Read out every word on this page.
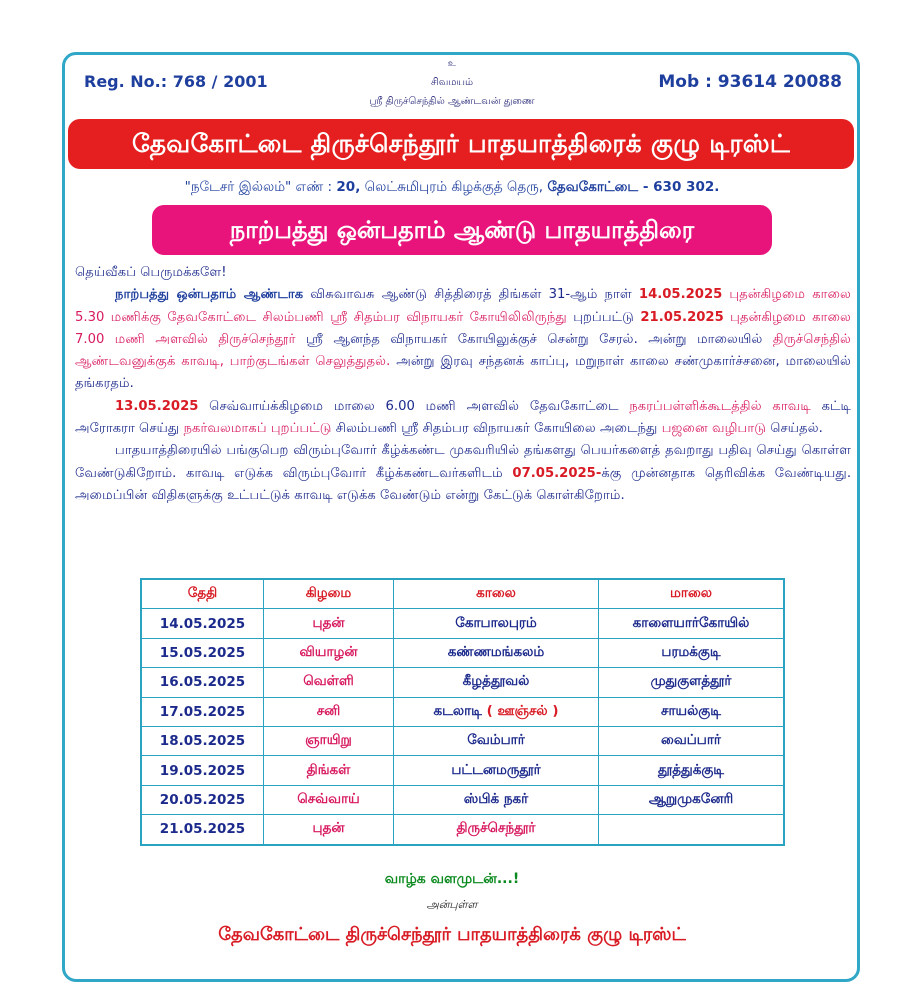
Reg. No.: 768 / 2001
உ
சிவமயம்
ஸ்ரீ திருச்செந்தில் ஆண்டவன் துணை
Mob : 93614 20088
தேவகோட்டை திருச்செந்தூர் பாதயாத்திரைக் குழு டிரஸ்ட்
"நடேசர் இல்லம்" எண் : 20, லெட்சுமிபுரம் கிழக்குத் தெரு, தேவகோட்டை - 630 302.
நாற்பத்து ஒன்பதாம் ஆண்டு பாதயாத்திரை

தெய்வீகப் பெருமக்களே!

நாற்பத்து ஒன்பதாம் ஆண்டாக விசுவாவசு ஆண்டு சித்திரைத் திங்கள் 31-ஆம் நாள் 14.05.2025 புதன்கிழமை காலை 5.30 மணிக்கு தேவகோட்டை சிலம்பணி ஸ்ரீ சிதம்பர விநாயகர் கோயிலிலிருந்து புறப்பட்டு 21.05.2025 புதன்கிழமை காலை 7.00 மணி அளவில் திருச்செந்தூர் ஸ்ரீ ஆனந்த விநாயகர் கோயிலுக்குச் சென்று சேரல். அன்று மாலையில் திருச்செந்தில் ஆண்டவனுக்குக் காவடி, பாற்குடங்கள் செலுத்துதல். அன்று இரவு சந்தனக் காப்பு, மறுநாள் காலை சண்முகார்ச்சனை, மாலையில் தங்கரதம்.

13.05.2025 செவ்வாய்க்கிழமை மாலை 6.00 மணி அளவில் தேவகோட்டை நகரப்பள்ளிக்கூடத்தில் காவடி கட்டி அரோகரா செய்து நகர்வலமாகப் புறப்பட்டு சிலம்பணி ஸ்ரீ சிதம்பர விநாயகர் கோயிலை அடைந்து பஜனை வழிபாடு செய்தல்.

பாதயாத்திரையில் பங்குபெற விரும்புவோர் கீழ்க்கண்ட முகவரியில் தங்களது பெயர்களைத் தவறாது பதிவு செய்து கொள்ள வேண்டுகிறோம். காவடி எடுக்க விரும்புவோர் கீழ்க்கண்டவர்களிடம் 07.05.2025-க்கு முன்னதாக தெரிவிக்க வேண்டியது. அமைப்பின் விதிகளுக்கு உட்பட்டுக் காவடி எடுக்க வேண்டும் என்று கேட்டுக் கொள்கிறோம்.

தேதி	கிழமை	காலை	மாலை
14.05.2025	புதன்	கோபாலபுரம்	காளையார்கோயில்
15.05.2025	வியாழன்	கண்ணமங்கலம்	பரமக்குடி
16.05.2025	வெள்ளி	கீழத்தூவல்	முதுகுளத்தூர்
17.05.2025	சனி	கடலாடி ( ஊஞ்சல் )	சாயல்குடி
18.05.2025	ஞாயிறு	வேம்பார்	வைப்பார்
19.05.2025	திங்கள்	பட்டனமருதூர்	தூத்துக்குடி
20.05.2025	செவ்வாய்	ஸ்பிக் நகர்	ஆறுமுகனேரி
21.05.2025	புதன்	திருச்செந்தூர்	
வாழ்க வளமுடன்...!
அன்புள்ள
தேவகோட்டை திருச்செந்தூர் பாதயாத்திரைக் குழு டிரஸ்ட்
